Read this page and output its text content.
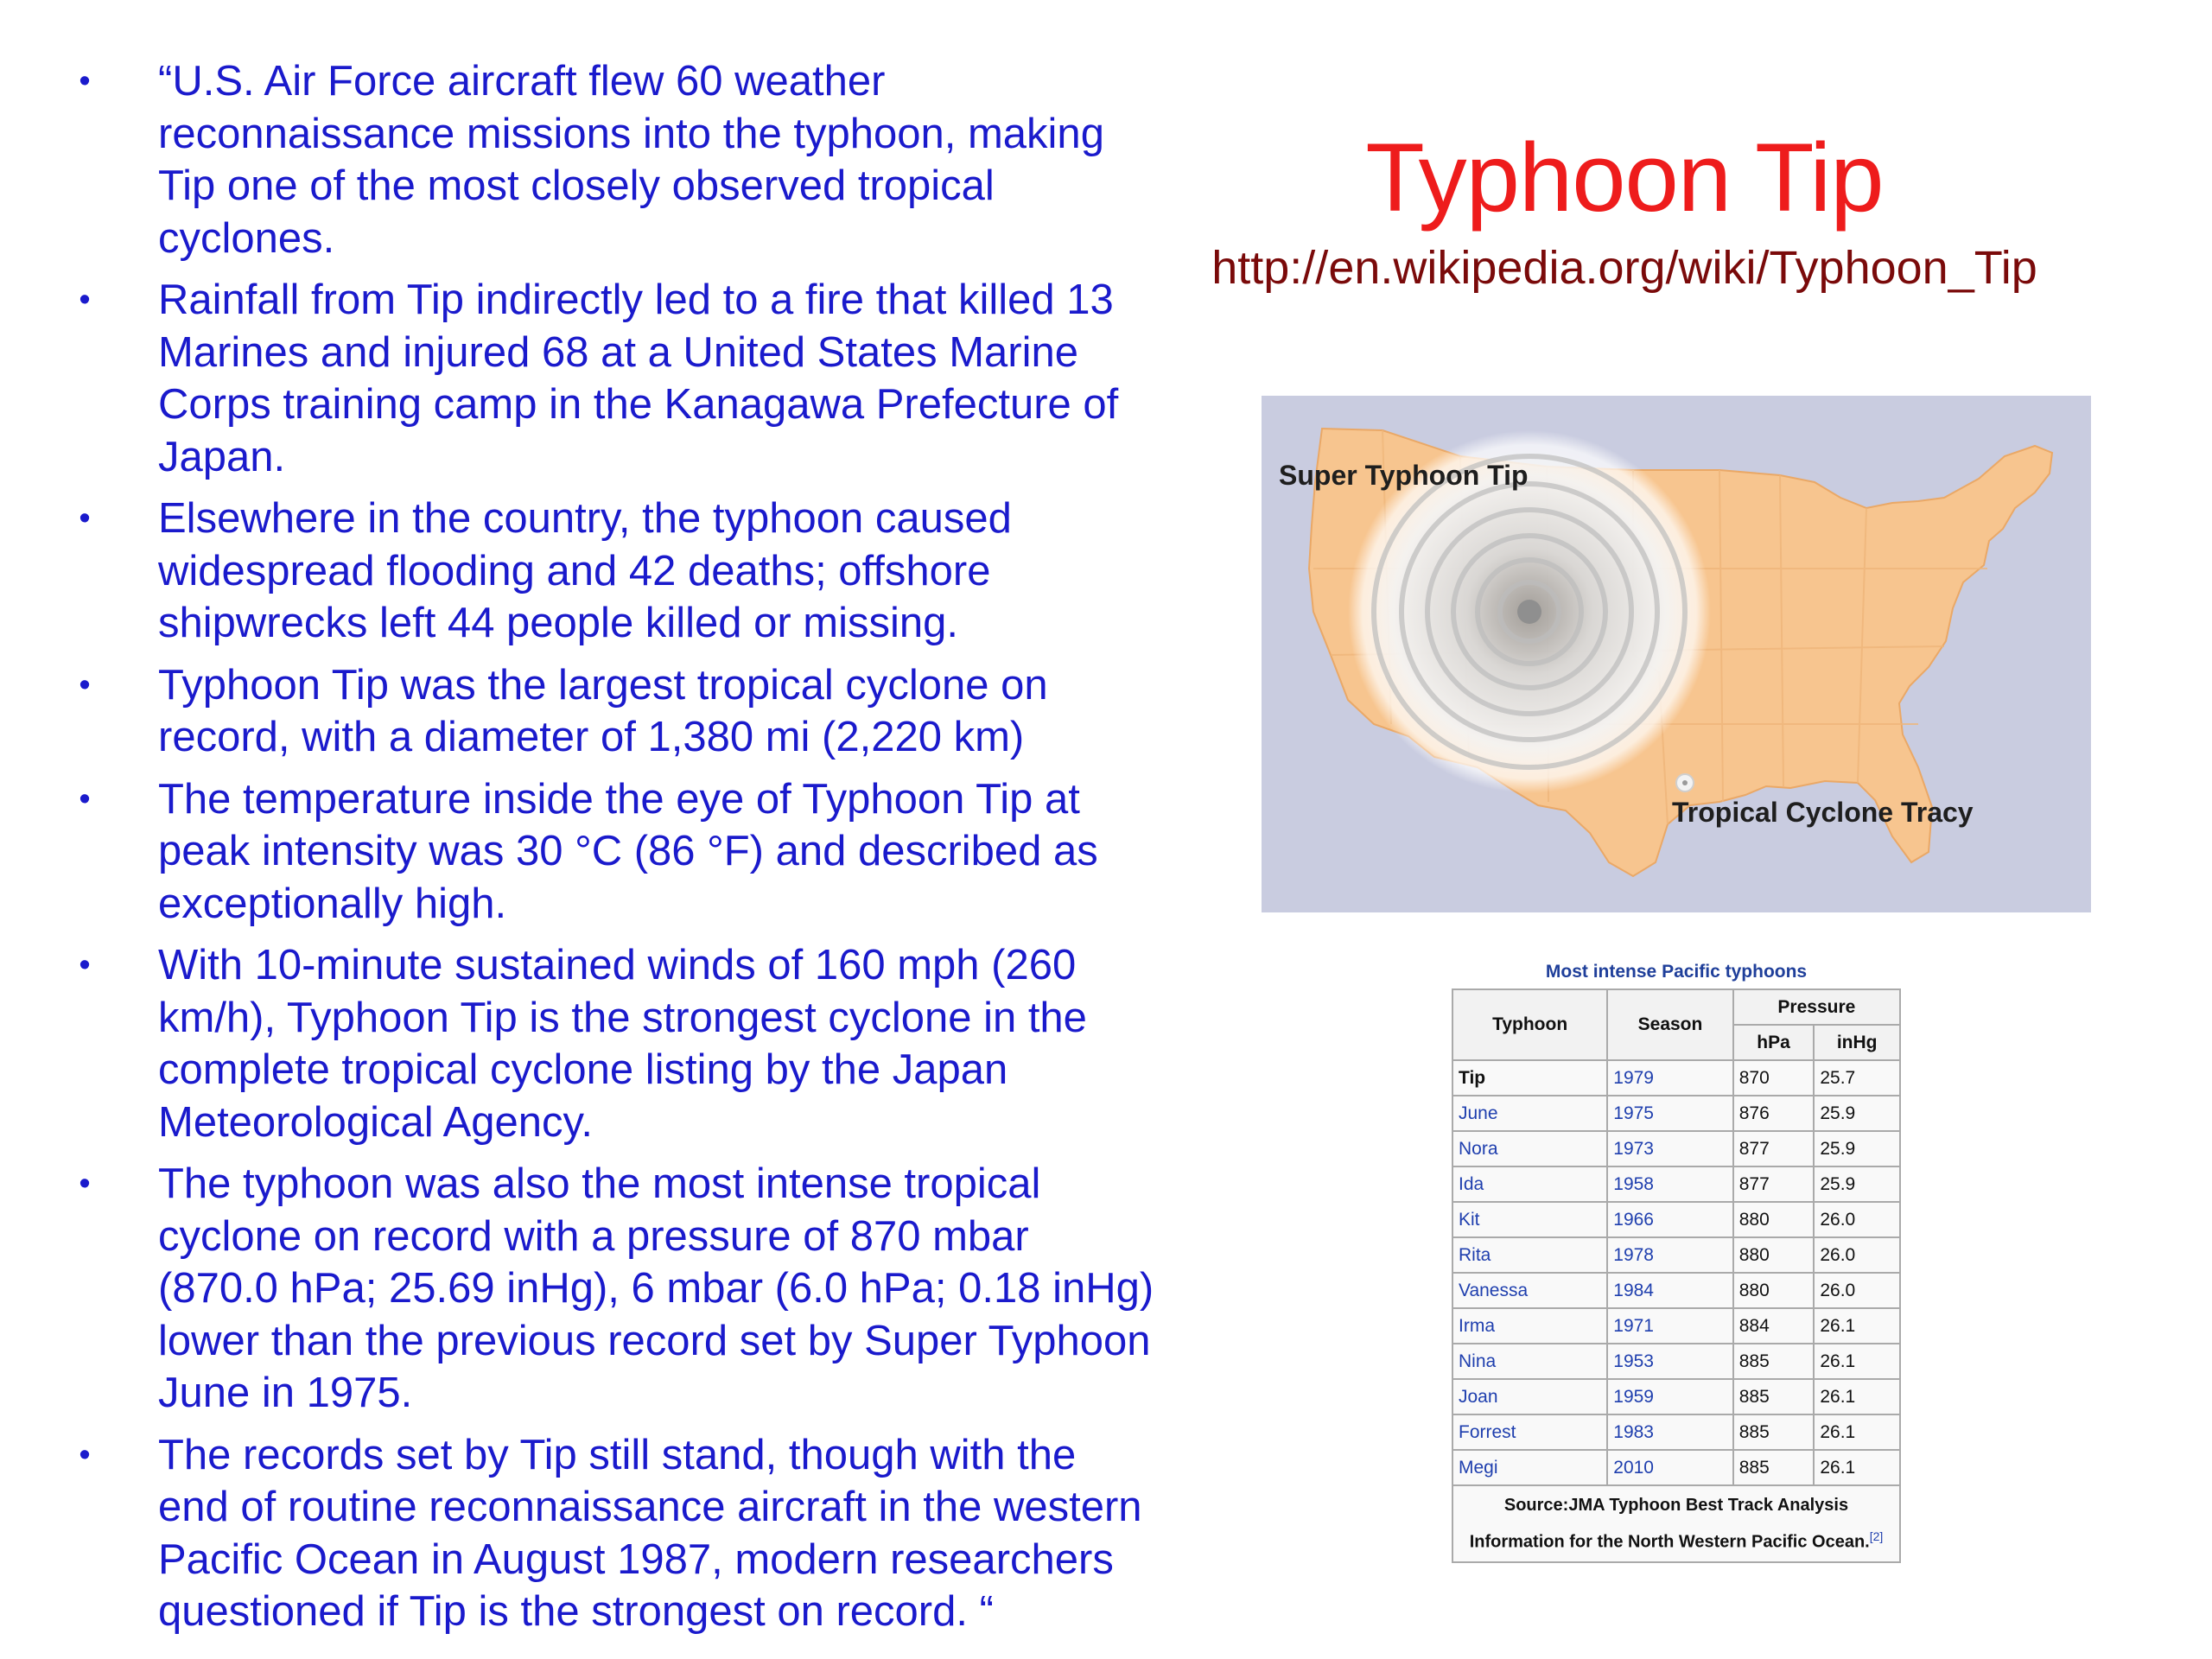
• “U.S. Air Force aircraft flew 60 weather reconnaissance missions into the typhoon, making Tip one of the most closely observed tropical cyclones.
• Rainfall from Tip indirectly led to a fire that killed 13 Marines and injured 68 at a United States Marine Corps training camp in the Kanagawa Prefecture of Japan.
• Elsewhere in the country, the typhoon caused widespread flooding and 42 deaths; offshore shipwrecks left 44 people killed or missing.
• Typhoon Tip was the largest tropical cyclone on record, with a diameter of 1,380 mi (2,220 km)
• The temperature inside the eye of Typhoon Tip at peak intensity was 30 °C (86 °F) and described as exceptionally high.
• With 10-minute sustained winds of 160 mph (260 km/h), Typhoon Tip is the strongest cyclone in the complete tropical cyclone listing by the Japan Meteorological Agency.
• The typhoon was also the most intense tropical cyclone on record with a pressure of 870 mbar (870.0 hPa; 25.69 inHg), 6 mbar (6.0 hPa; 0.18 inHg) lower than the previous record set by Super Typhoon June in 1975.
• The records set by Tip still stand, though with the end of routine reconnaissance aircraft in the western Pacific Ocean in August 1987, modern researchers questioned if Tip is the strongest on record. “
Typhoon Tip
http://en.wikipedia.org/wiki/Typhoon_Tip
Super Typhoon Tip
Tropical Cyclone Tracy
Most intense Pacific typhoons
Typhoon	Season	Pressure	
		hPa	inHg
Tip	1979	870	25.7
June	1975	876	25.9
Nora	1973	877	25.9
Ida	1958	877	25.9
Kit	1966	880	26.0
Rita	1978	880	26.0
Vanessa	1984	880	26.0
Irma	1971	884	26.1
Nina	1953	885	26.1
Joan	1959	885	26.1
Forrest	1983	885	26.1
Megi	2010	885	26.1
Source:JMA Typhoon Best Track Analysis
Information for the North Western Pacific Ocean.[2]
